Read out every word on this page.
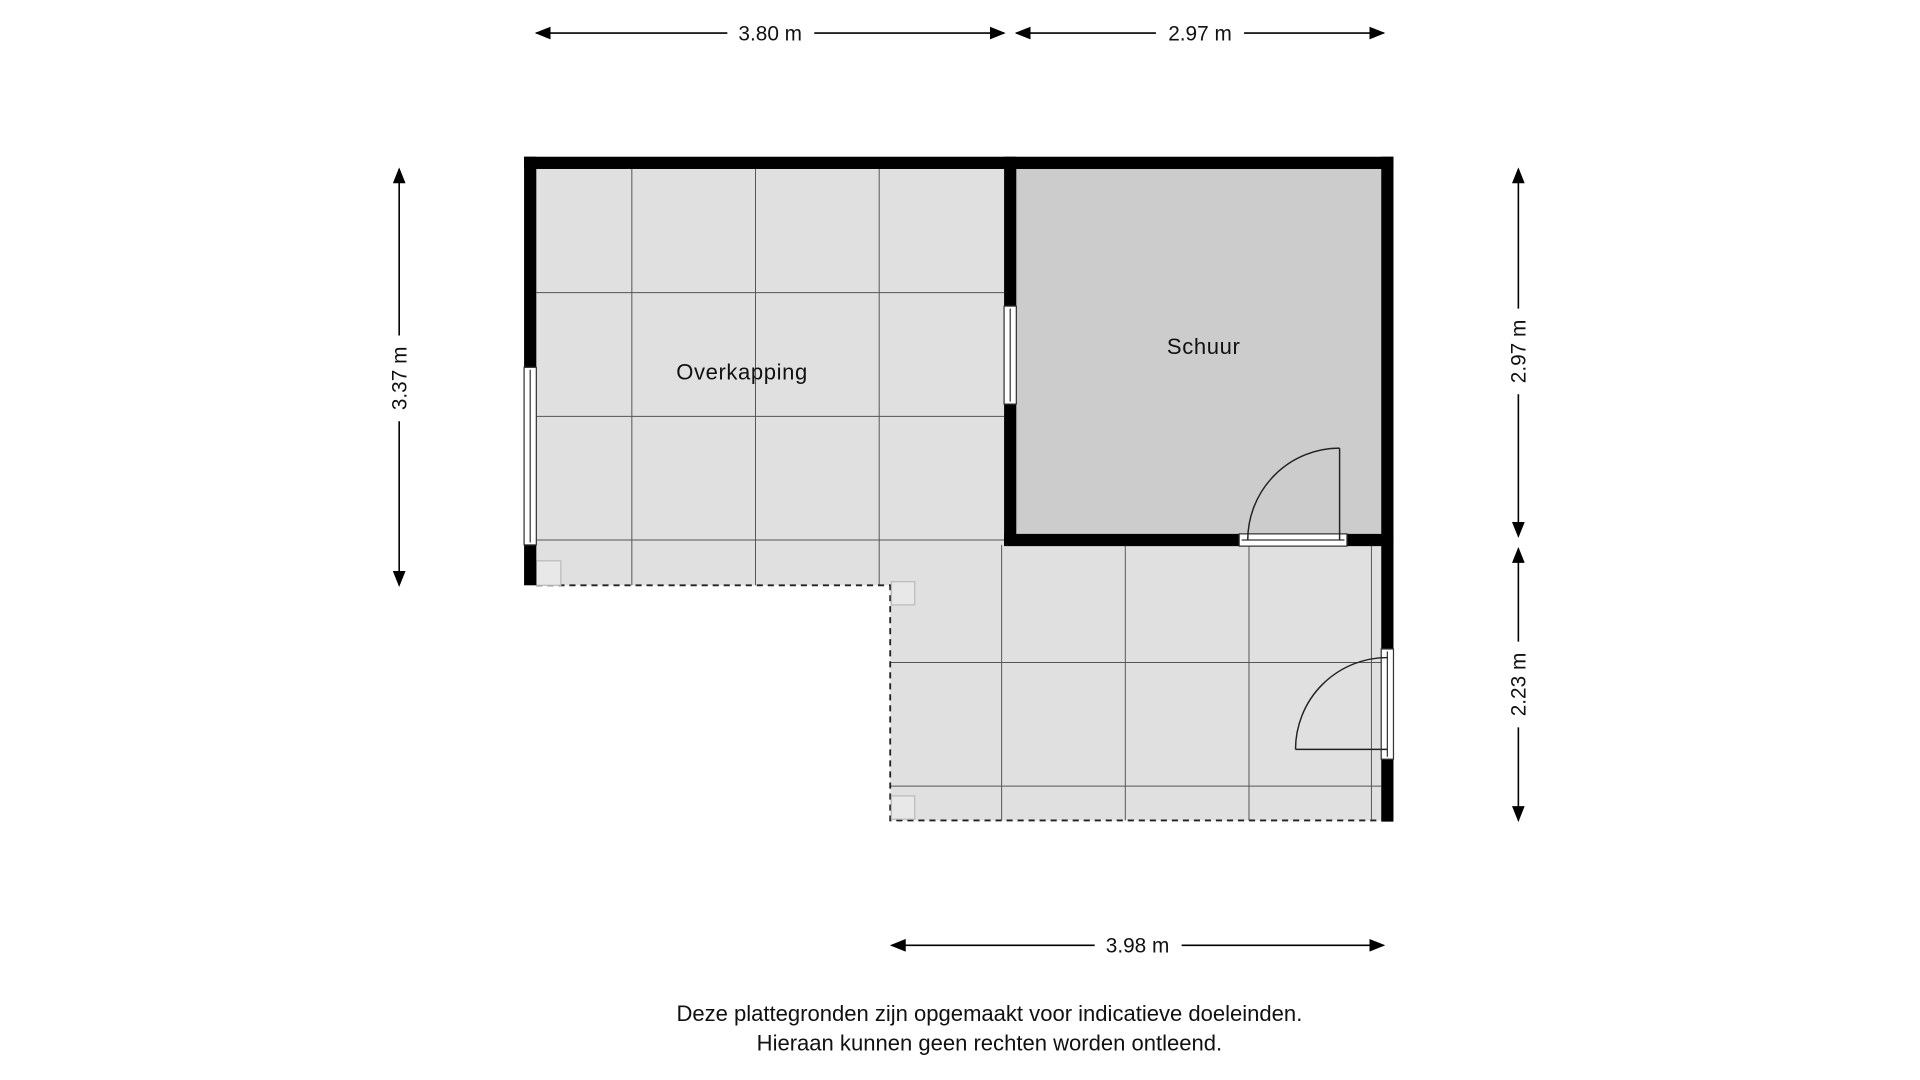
Overkapping
Schuur
3.80 m	2.97 m
3.37 m	2.97 m
2.23 m
3.98 m
Deze plattegronden zijn opgemaakt voor indicatieve doeleinden.
Hieraan kunnen geen rechten worden ontleend.
